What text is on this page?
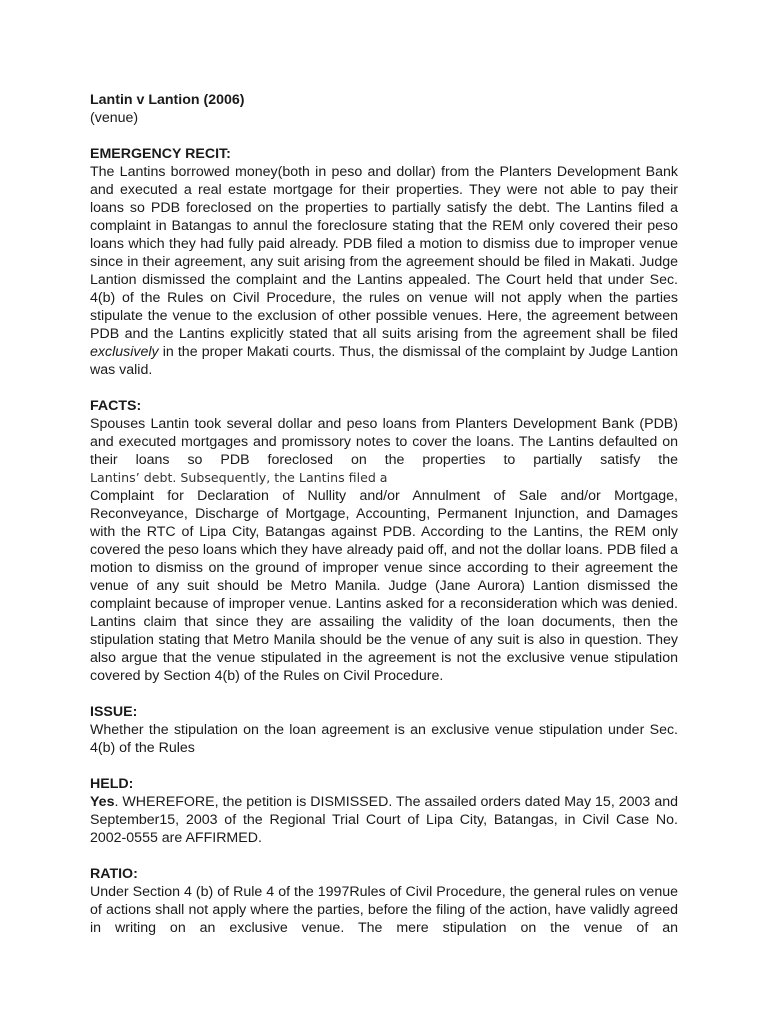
Lantin v Lantion (2006)

(venue)

EMERGENCY RECIT:

The Lantins borrowed money(both in peso and dollar) from the Planters Development Bank and executed a real estate mortgage for their properties. They were not able to pay their loans so PDB foreclosed on the properties to partially satisfy the debt. The Lantins filed a complaint in Batangas to annul the foreclosure stating that the REM only covered their peso loans which they had fully paid already. PDB filed a motion to dismiss due to improper venue since in their agreement, any suit arising from the agreement should be filed in Makati. Judge Lantion dismissed the complaint and the Lantins appealed. The Court held that under Sec. 4(b) of the Rules on Civil Procedure, the rules on venue will not apply when the parties stipulate the venue to the exclusion of other possible venues. Here, the agreement between PDB and the Lantins explicitly stated that all suits arising from the agreement shall be filed exclusively in the proper Makati courts. Thus, the dismissal of the complaint by Judge Lantion was valid.

FACTS:

Spouses Lantin took several dollar and peso loans from Planters Development Bank (PDB) and executed mortgages and promissory notes to cover the loans. The Lantins defaulted on their loans so PDB foreclosed on the properties to partially satisfy the

Lantins’ debt. Subsequently, the Lantins filed a

Complaint for Declaration of Nullity and/or Annulment of Sale and/or Mortgage, Reconveyance, Discharge of Mortgage, Accounting, Permanent Injunction, and Damages with the RTC of Lipa City, Batangas against PDB. According to the Lantins, the REM only covered the peso loans which they have already paid off, and not the dollar loans. PDB filed a motion to dismiss on the ground of improper venue since according to their agreement the venue of any suit should be Metro Manila. Judge (Jane Aurora) Lantion dismissed the complaint because of improper venue. Lantins asked for a reconsideration which was denied. Lantins claim that since they are assailing the validity of the loan documents, then the stipulation stating that Metro Manila should be the venue of any suit is also in question. They also argue that the venue stipulated in the agreement is not the exclusive venue stipulation covered by Section 4(b) of the Rules on Civil Procedure.

ISSUE:

Whether the stipulation on the loan agreement is an exclusive venue stipulation under Sec. 4(b) of the Rules

HELD:

Yes. WHEREFORE, the petition is DISMISSED. The assailed orders dated May 15, 2003 and September15, 2003 of the Regional Trial Court of Lipa City, Batangas, in Civil Case No. 2002-0555 are AFFIRMED.

RATIO:

Under Section 4 (b) of Rule 4 of the 1997Rules of Civil Procedure, the general rules on venue of actions shall not apply where the parties, before the filing of the action, have validly agreed in writing on an exclusive venue. The mere stipulation on the venue of an
